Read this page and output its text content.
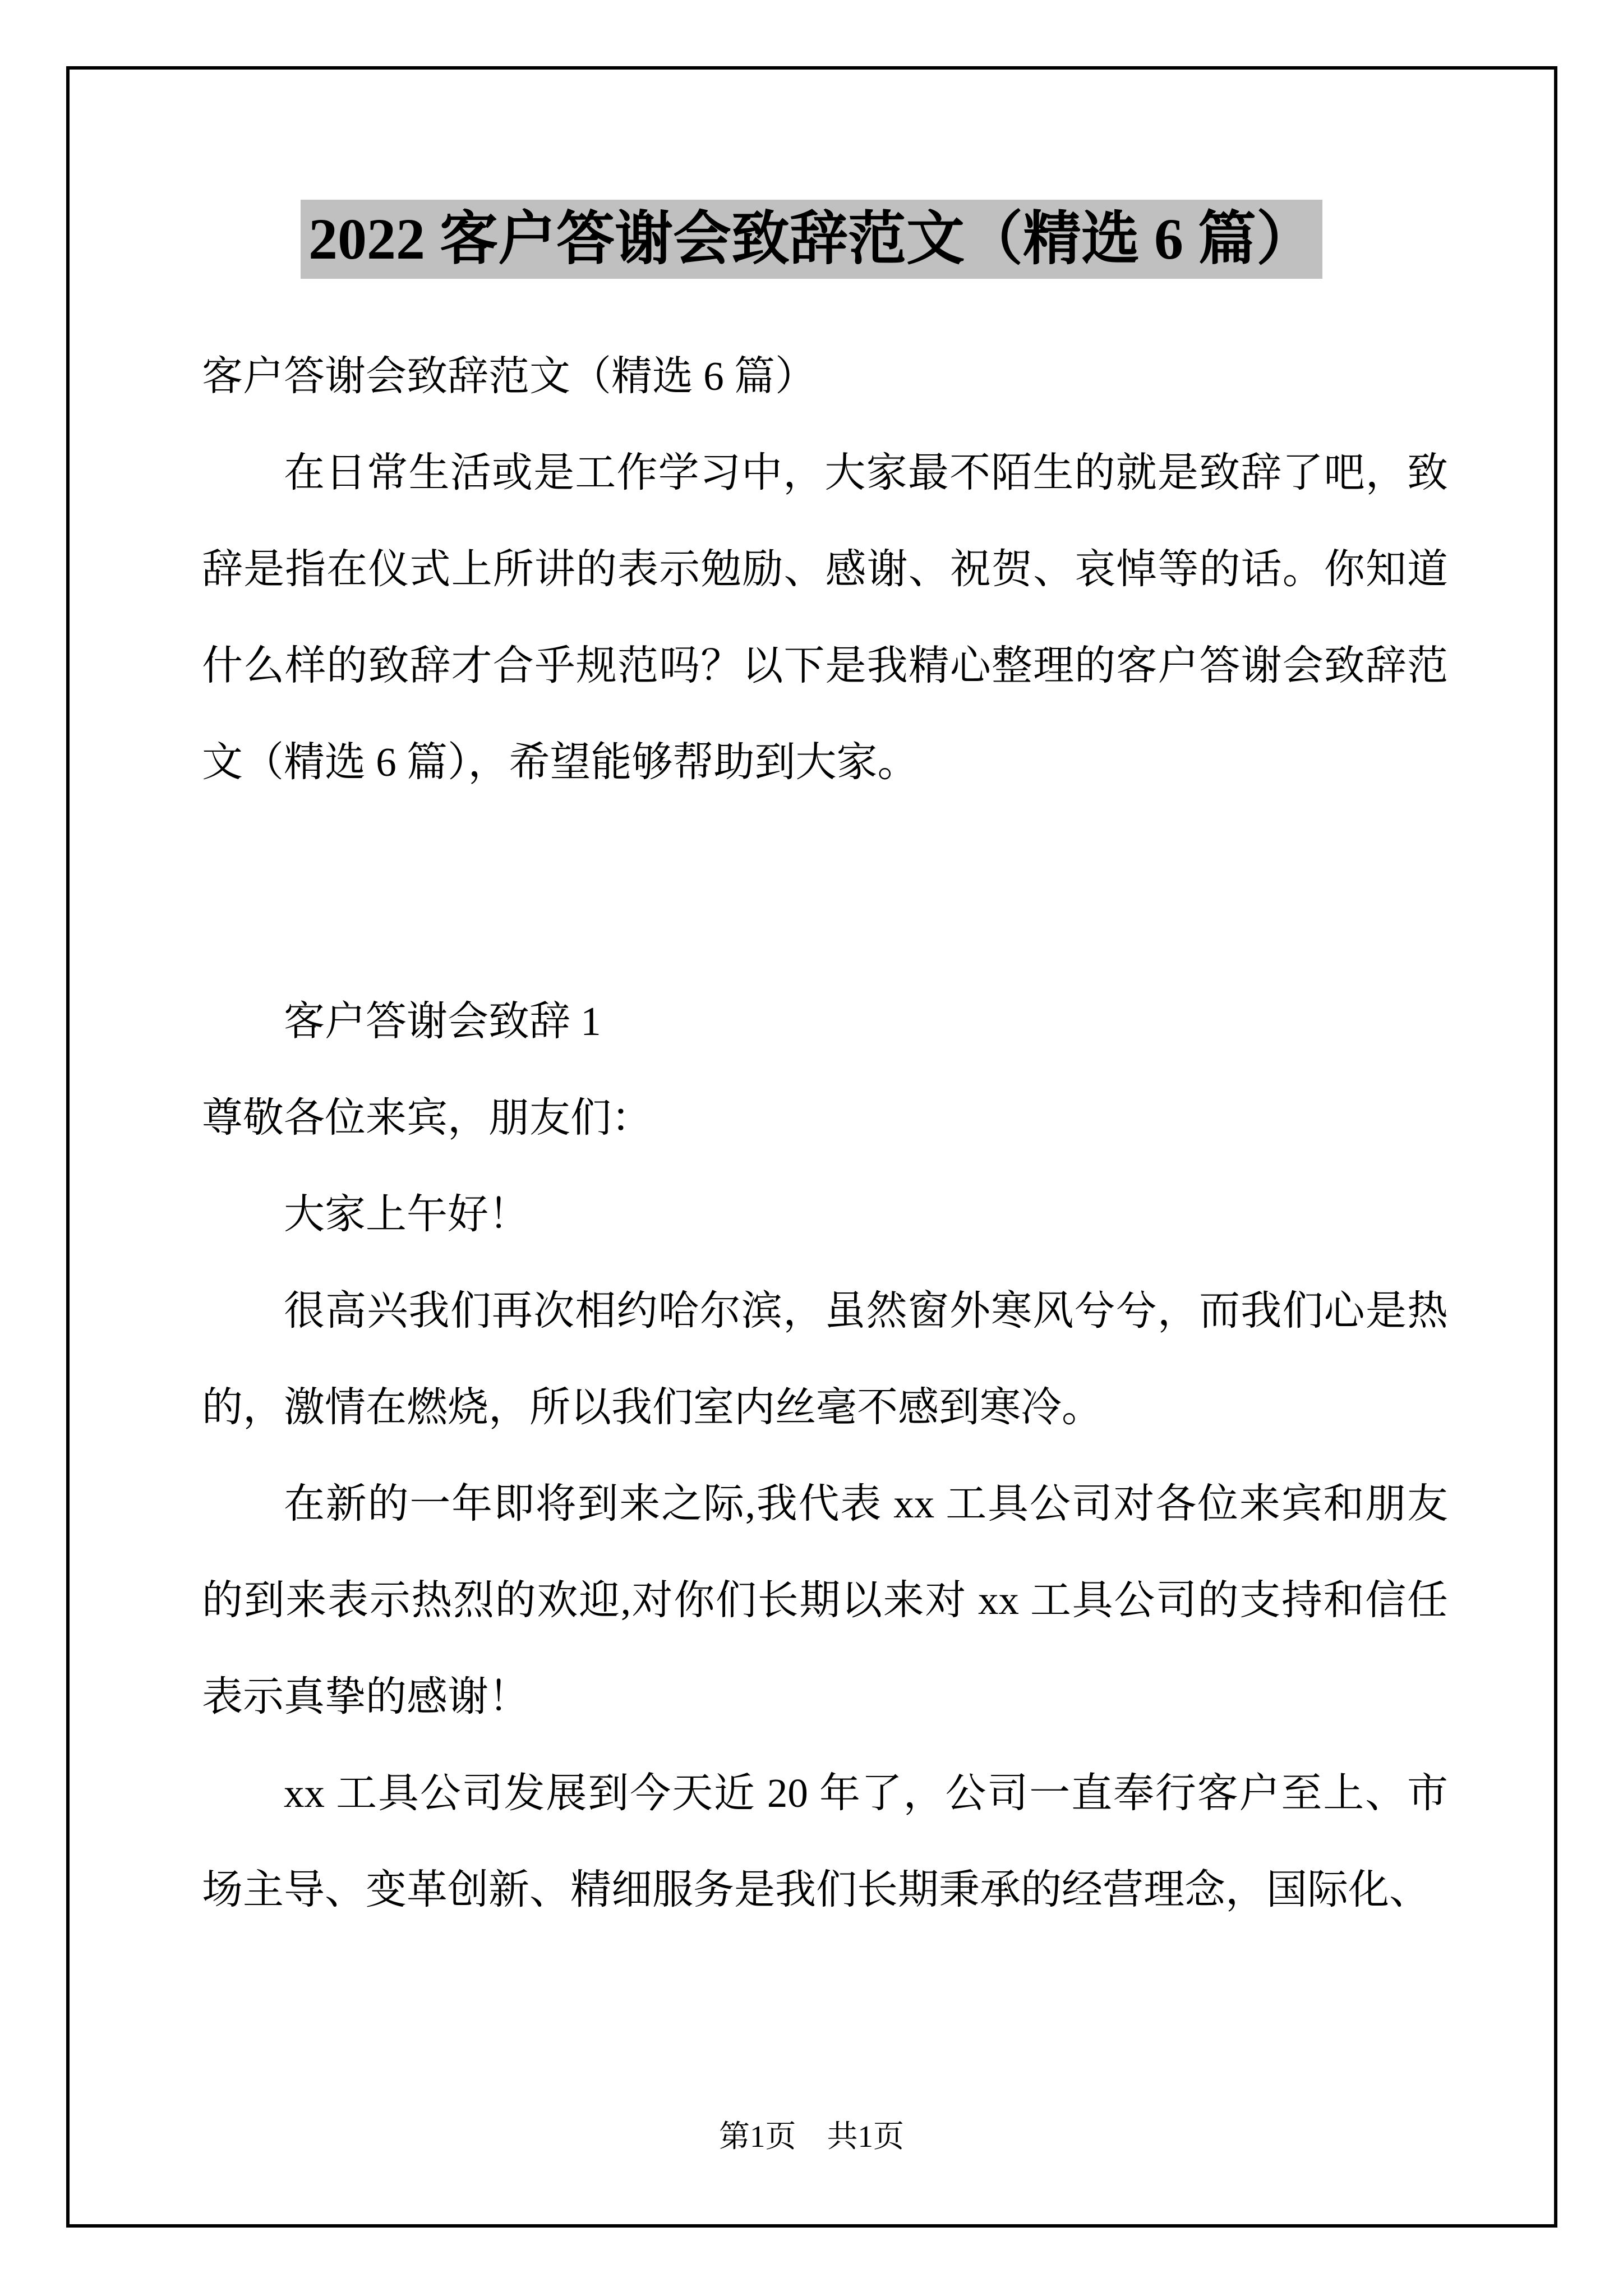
2022 客户答谢会致辞范文（精选 6 篇）

客户答谢会致辞范文（精选 6 篇）

在日常生活或是工作学习中，大家最不陌生的就是致辞了吧，致辞是指在仪式上所讲的表示勉励、感谢、祝贺、哀悼等的话。你知道什么样的致辞才合乎规范吗？以下是我精心整理的客户答谢会致辞范文（精选 6 篇），希望能够帮助到大家。

客户答谢会致辞 1

尊敬各位来宾，朋友们：

大家上午好！

很高兴我们再次相约哈尔滨，虽然窗外寒风兮兮，而我们心是热的，激情在燃烧，所以我们室内丝毫不感到寒冷。

在新的一年即将到来之际,我代表 xx 工具公司对各位来宾和朋友的到来表示热烈的欢迎,对你们长期以来对 xx 工具公司的支持和信任表示真挚的感谢！

xx 工具公司发展到今天近 20 年了，公司一直奉行客户至上、市场主导、变革创新、精细服务是我们长期秉承的经营理念，国际化、

第1页 共1页
